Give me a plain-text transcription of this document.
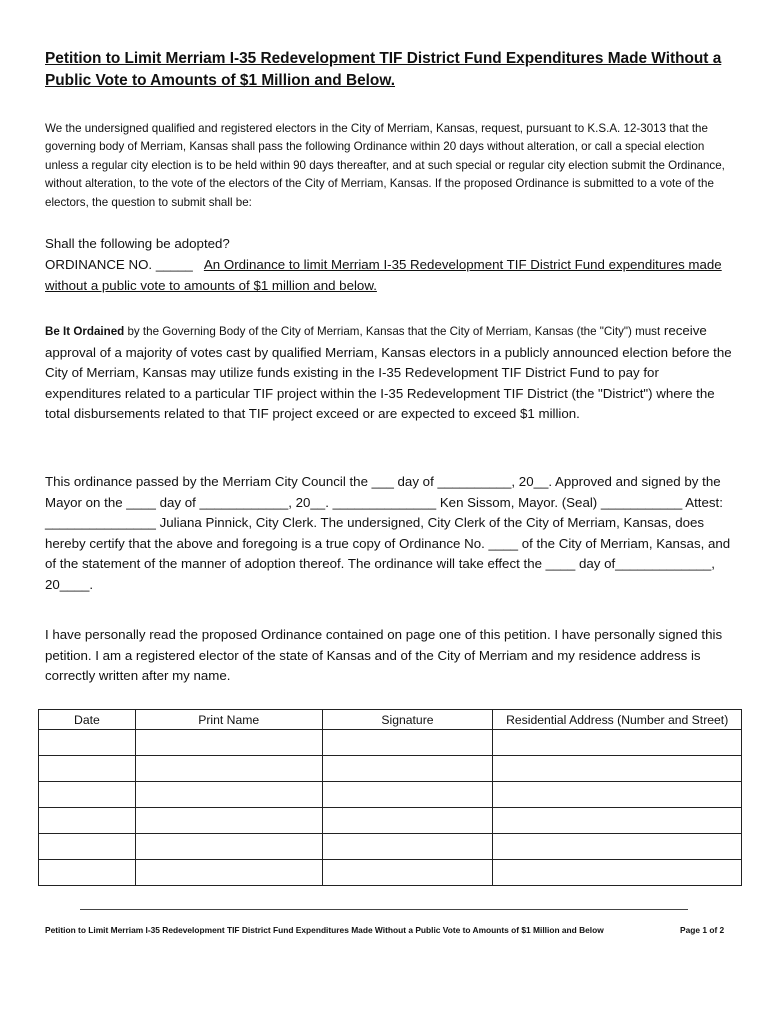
Petition to Limit Merriam I-35 Redevelopment TIF District Fund Expenditures Made Without a Public Vote to Amounts of $1 Million and Below.
We the undersigned qualified and registered electors in the City of Merriam, Kansas, request, pursuant to K.S.A. 12-3013 that the governing body of Merriam, Kansas shall pass the following Ordinance within 20 days without alteration, or call a special election unless a regular city election is to be held within 90 days thereafter, and at such special or regular city election submit the Ordinance, without alteration, to the vote of the electors of the City of Merriam, Kansas. If the proposed Ordinance is submitted to a vote of the electors, the question to submit shall be:
Shall the following be adopted?
ORDINANCE NO. _____ An Ordinance to limit Merriam I-35 Redevelopment TIF District Fund expenditures made without a public vote to amounts of $1 million and below.
Be It Ordained by the Governing Body of the City of Merriam, Kansas that the City of Merriam, Kansas (the "City") must receive approval of a majority of votes cast by qualified Merriam, Kansas electors in a publicly announced election before the City of Merriam, Kansas may utilize funds existing in the I-35 Redevelopment TIF District Fund to pay for expenditures related to a particular TIF project within the I-35 Redevelopment TIF District (the "District") where the total disbursements related to that TIF project exceed or are expected to exceed $1 million.
This ordinance passed by the Merriam City Council the ___ day of __________, 20__. Approved and signed by the Mayor on the ____ day of ____________, 20__. ______________ Ken Sissom, Mayor. (Seal) ___________ Attest: _______________ Juliana Pinnick, City Clerk. The undersigned, City Clerk of the City of Merriam, Kansas, does hereby certify that the above and foregoing is a true copy of Ordinance No. ____ of the City of Merriam, Kansas, and of the statement of the manner of adoption thereof. The ordinance will take effect the ____ day of_____________, 20____.
I have personally read the proposed Ordinance contained on page one of this petition. I have personally signed this petition. I am a registered elector of the state of Kansas and of the City of Merriam and my residence address is correctly written after my name.
Date	Print Name	Signature	Residential Address (Number and Street)

Petition to Limit Merriam I-35 Redevelopment TIF District Fund Expenditures Made Without a Public Vote to Amounts of $1 Million and Below	Page 1 of 2
